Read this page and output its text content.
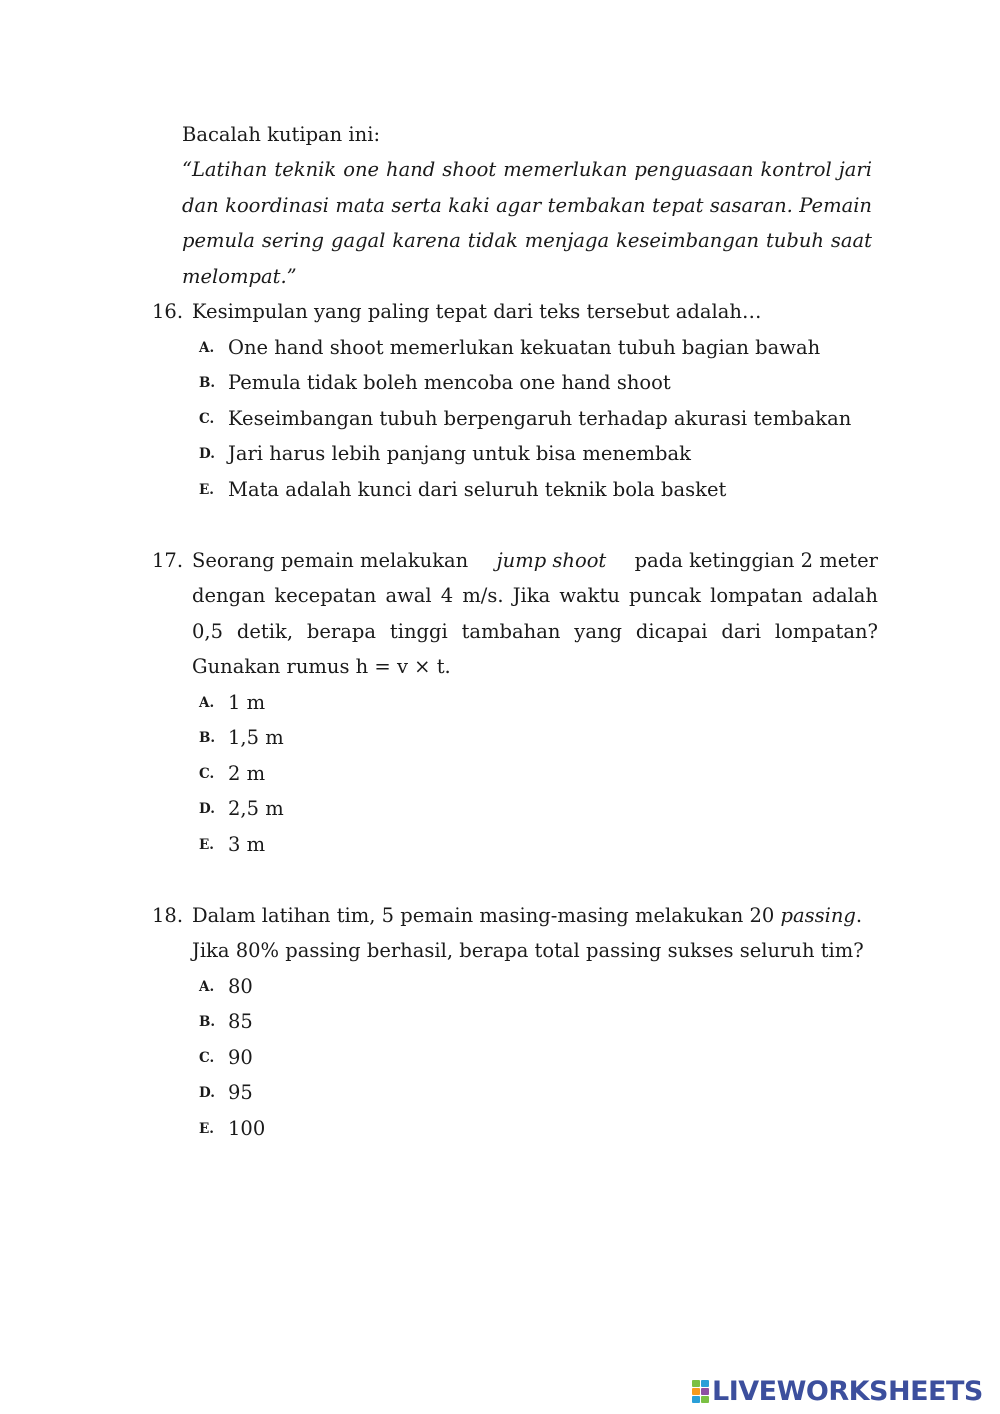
Bacalah kutipan ini:
“Latihan teknik one hand shoot memerlukan penguasaan kontrol jari
dan koordinasi mata serta kaki agar tembakan tepat sasaran. Pemain
pemula sering gagal karena tidak menjaga keseimbangan tubuh saat
melompat.”
16. Kesimpulan yang paling tepat dari teks tersebut adalah…
A. One hand shoot memerlukan kekuatan tubuh bagian bawah
B. Pemula tidak boleh mencoba one hand shoot
C. Keseimbangan tubuh berpengaruh terhadap akurasi tembakan
D. Jari harus lebih panjang untuk bisa menembak
E. Mata adalah kunci dari seluruh teknik bola basket
17. Seorang pemain melakukan jump shoot pada ketinggian 2 meter
dengan kecepatan awal 4 m/s. Jika waktu puncak lompatan adalah
0,5 detik, berapa tinggi tambahan yang dicapai dari lompatan?
Gunakan rumus h = v × t.
A. 1 m
B. 1,5 m
C. 2 m
D. 2,5 m
E. 3 m
18. Dalam latihan tim, 5 pemain masing-masing melakukan 20 passing.
Jika 80% passing berhasil, berapa total passing sukses seluruh tim?
A. 80
B. 85
C. 90
D. 95
E. 100
LIVEWORKSHEETS
